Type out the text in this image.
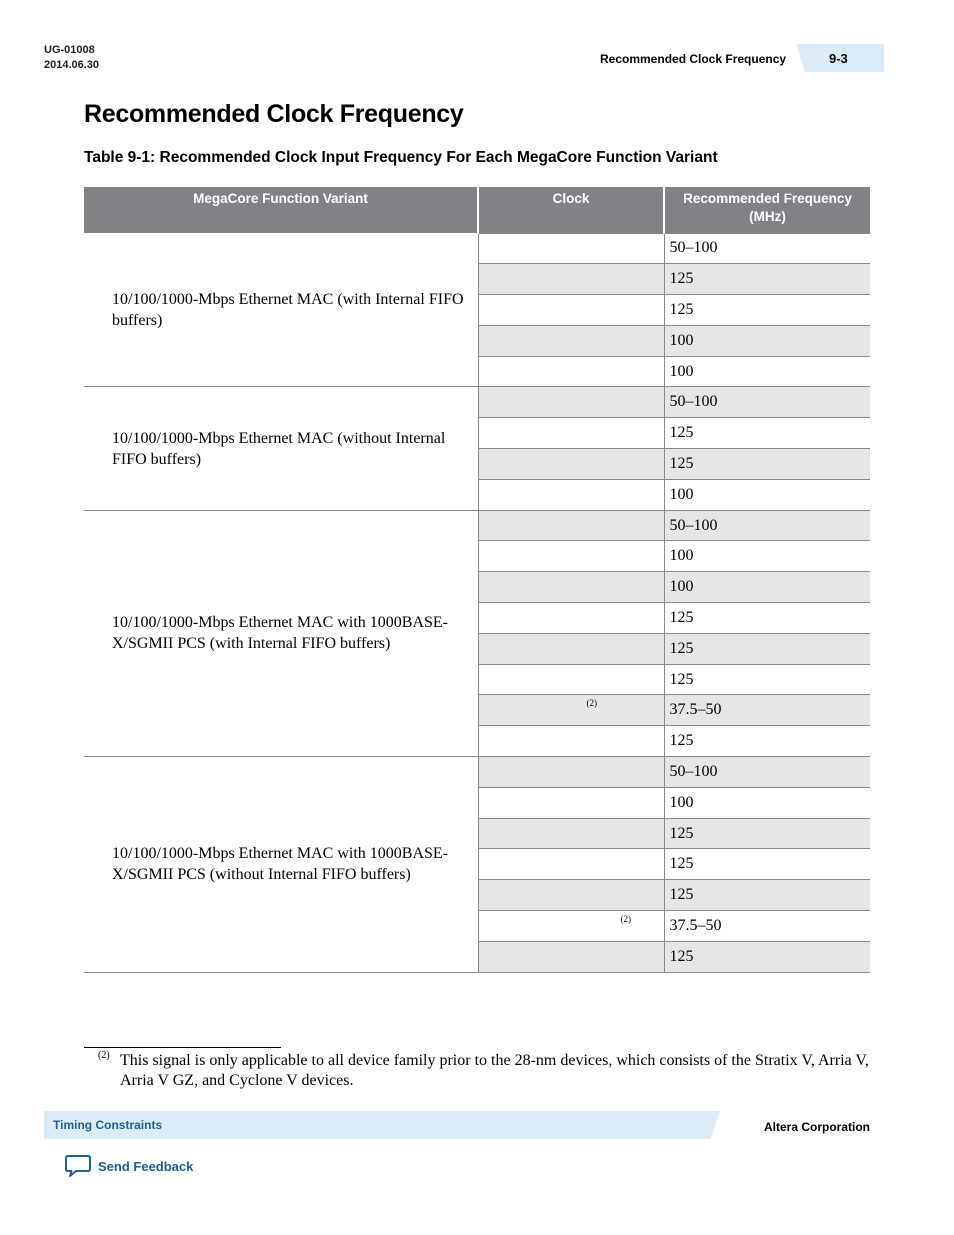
UG-01008
2014.06.30	Recommended Clock Frequency	9-3
Recommended Clock Frequency

Table 9-1: Recommended Clock Input Frequency For Each MegaCore Function Variant

MegaCore Function Variant	Clock	Recommended Frequency (MHz)
10/100/1000-Mbps Ethernet MAC (with Internal FIFO buffers)		50–100
		125
		125
		100
		100
10/100/1000-Mbps Ethernet MAC (without Internal FIFO buffers)		50–100
		125
		125
		100
10/100/1000-Mbps Ethernet MAC with 1000BASE-X/SGMII PCS (with Internal FIFO buffers)		50–100
		100
		100
		125
		125
		125

	(2)	37.5–50
		125
10/100/1000-Mbps Ethernet MAC with 1000BASE-X/SGMII PCS (without Internal FIFO buffers)		50–100
		100
		125
		125
		125

	(2)	37.5–50
		125
(2) This signal is only applicable to all device family prior to the 28-nm devices, which consists of the Stratix V, Arria V, Arria V GZ, and Cyclone V devices.

Timing Constraints	Altera Corporation
Send Feedback
